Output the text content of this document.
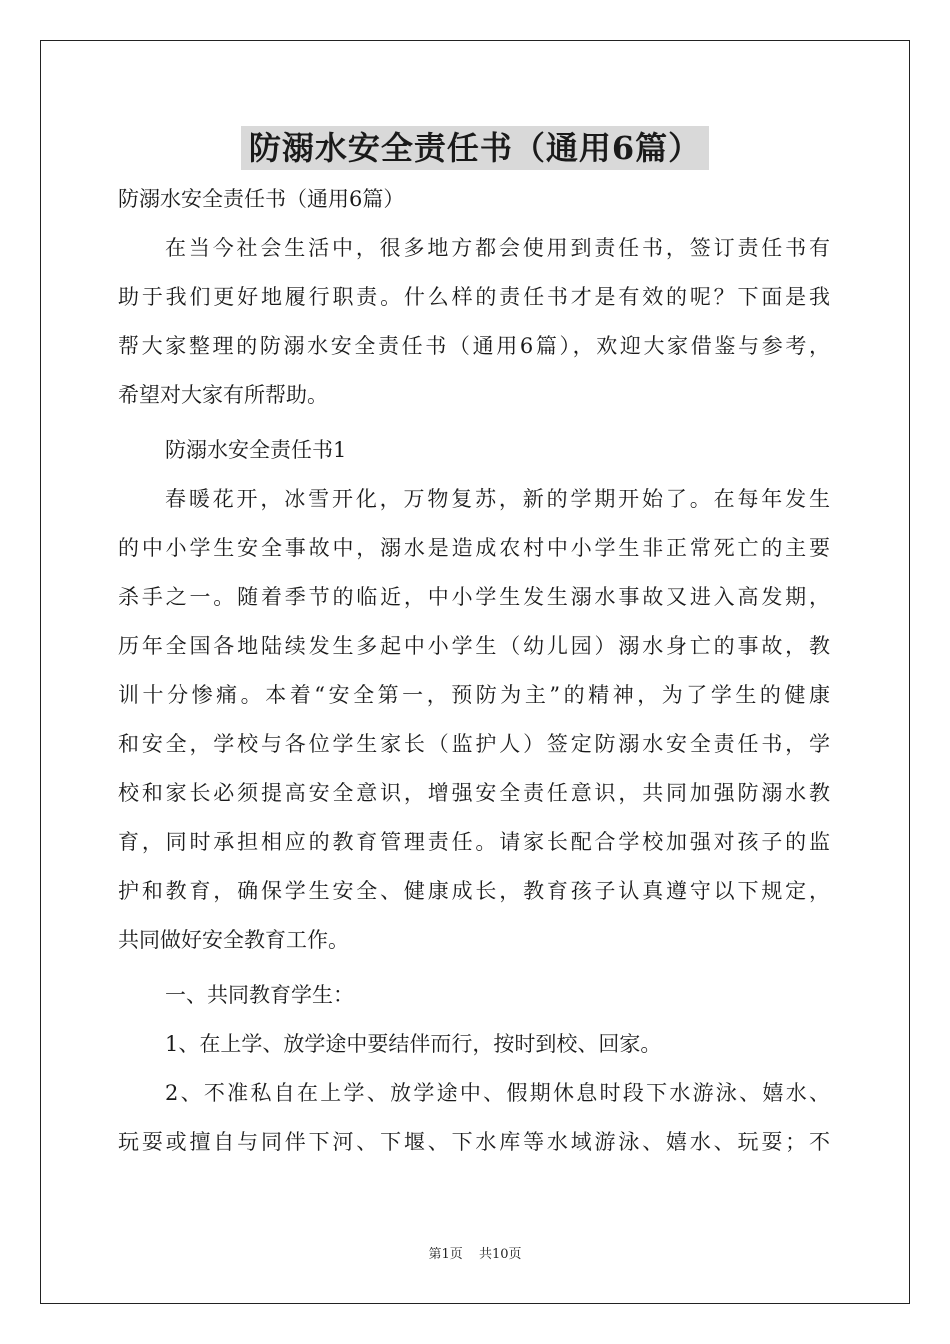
防溺水安全责任书（通用6篇）
防溺水安全责任书（通用6篇）
在当今社会生活中，很多地方都会使用到责任书，签订责任书有
助于我们更好地履行职责。什么样的责任书才是有效的呢？下面是我
帮大家整理的防溺水安全责任书（通用6篇），欢迎大家借鉴与参考，
希望对大家有所帮助。
防溺水安全责任书1
春暖花开，冰雪开化，万物复苏，新的学期开始了。在每年发生
的中小学生安全事故中，溺水是造成农村中小学生非正常死亡的主要
杀手之一。随着季节的临近，中小学生发生溺水事故又进入高发期，
历年全国各地陆续发生多起中小学生（幼儿园）溺水身亡的事故，教
训十分惨痛。本着“安全第一，预防为主”的精神，为了学生的健康
和安全，学校与各位学生家长（监护人）签定防溺水安全责任书，学
校和家长必须提高安全意识，增强安全责任意识，共同加强防溺水教
育，同时承担相应的教育管理责任。请家长配合学校加强对孩子的监
护和教育，确保学生安全、健康成长，教育孩子认真遵守以下规定，
共同做好安全教育工作。
一、共同教育学生：
1、在上学、放学途中要结伴而行，按时到校、回家。
2、不准私自在上学、放学途中、假期休息时段下水游泳、嬉水、
玩耍或擅自与同伴下河、下堰、下水库等水域游泳、嬉水、玩耍；不
第1页 共10页
